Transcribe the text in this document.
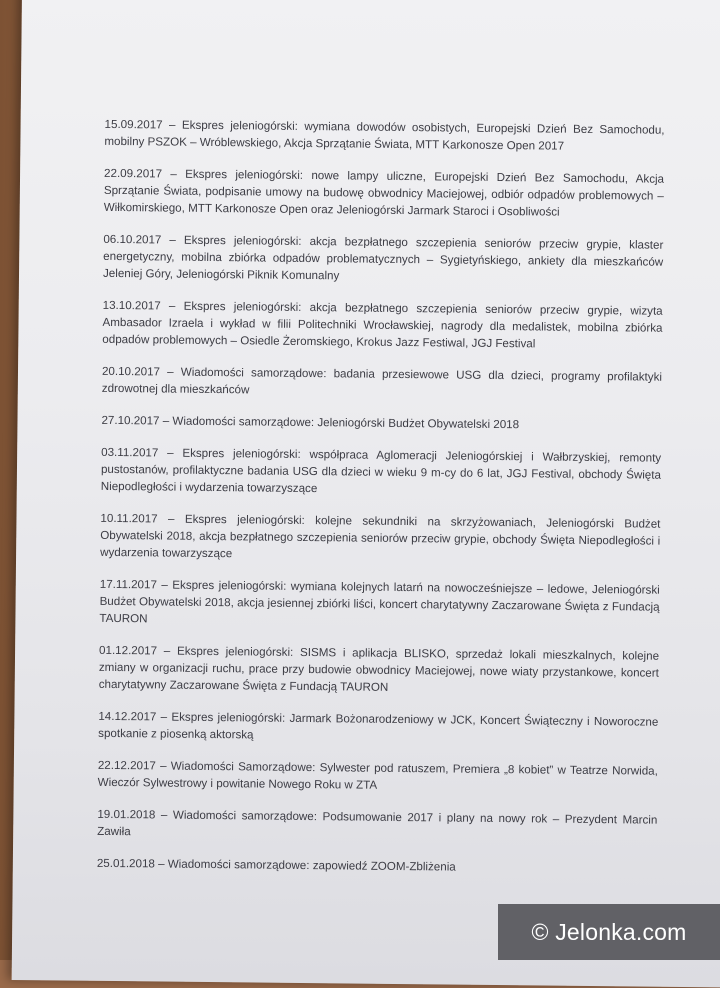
15.09.2017 – Ekspres jeleniogórski: wymiana dowodów osobistych, Europejski Dzień Bez Samochodu, mobilny PSZOK – Wróblewskiego, Akcja Sprzątanie Świata, MTT Karkonosze Open 2017

22.09.2017 – Ekspres jeleniogórski: nowe lampy uliczne, Europejski Dzień Bez Samochodu, Akcja Sprzątanie Świata, podpisanie umowy na budowę obwodnicy Maciejowej, odbiór odpadów problemowych – Wiłkomirskiego, MTT Karkonosze Open oraz Jeleniogórski Jarmark Staroci i Osobliwości

06.10.2017 – Ekspres jeleniogórski: akcja bezpłatnego szczepienia seniorów przeciw grypie, klaster energetyczny, mobilna zbiórka odpadów problematycznych – Sygietyńskiego, ankiety dla mieszkańców Jeleniej Góry, Jeleniogórski Piknik Komunalny

13.10.2017 – Ekspres jeleniogórski: akcja bezpłatnego szczepienia seniorów przeciw grypie, wizyta Ambasador Izraela i wykład w filii Politechniki Wrocławskiej, nagrody dla medalistek, mobilna zbiórka odpadów problemowych – Osiedle Żeromskiego, Krokus Jazz Festiwal, JGJ Festival

20.10.2017 – Wiadomości samorządowe: badania przesiewowe USG dla dzieci, programy profilaktyki zdrowotnej dla mieszkańców

27.10.2017 – Wiadomości samorządowe: Jeleniogórski Budżet Obywatelski 2018

03.11.2017 – Ekspres jeleniogórski: współpraca Aglomeracji Jeleniogórskiej i Wałbrzyskiej, remonty pustostanów, profilaktyczne badania USG dla dzieci w wieku 9 m-cy do 6 lat, JGJ Festival, obchody Święta Niepodległości i wydarzenia towarzyszące

10.11.2017 – Ekspres jeleniogórski: kolejne sekundniki na skrzyżowaniach, Jeleniogórski Budżet Obywatelski 2018, akcja bezpłatnego szczepienia seniorów przeciw grypie, obchody Święta Niepodległości i wydarzenia towarzyszące

17.11.2017 – Ekspres jeleniogórski: wymiana kolejnych latarń na nowocześniejsze – ledowe, Jeleniogórski Budżet Obywatelski 2018, akcja jesiennej zbiórki liści, koncert charytatywny Zaczarowane Święta z Fundacją TAURON

01.12.2017 – Ekspres jeleniogórski: SISMS i aplikacja BLISKO, sprzedaż lokali mieszkalnych, kolejne zmiany w organizacji ruchu, prace przy budowie obwodnicy Maciejowej, nowe wiaty przystankowe, koncert charytatywny Zaczarowane Święta z Fundacją TAURON

14.12.2017 – Ekspres jeleniogórski: Jarmark Bożonarodzeniowy w JCK, Koncert Świąteczny i Noworoczne spotkanie z piosenką aktorską

22.12.2017 – Wiadomości Samorządowe: Sylwester pod ratuszem, Premiera „8 kobiet” w Teatrze Norwida, Wieczór Sylwestrowy i powitanie Nowego Roku w ZTA

19.01.2018 – Wiadomości samorządowe: Podsumowanie 2017 i plany na nowy rok – Prezydent Marcin Zawiła

25.01.2018 – Wiadomości samorządowe: zapowiedź ZOOM-Zbliżenia

© Jelonka.com
